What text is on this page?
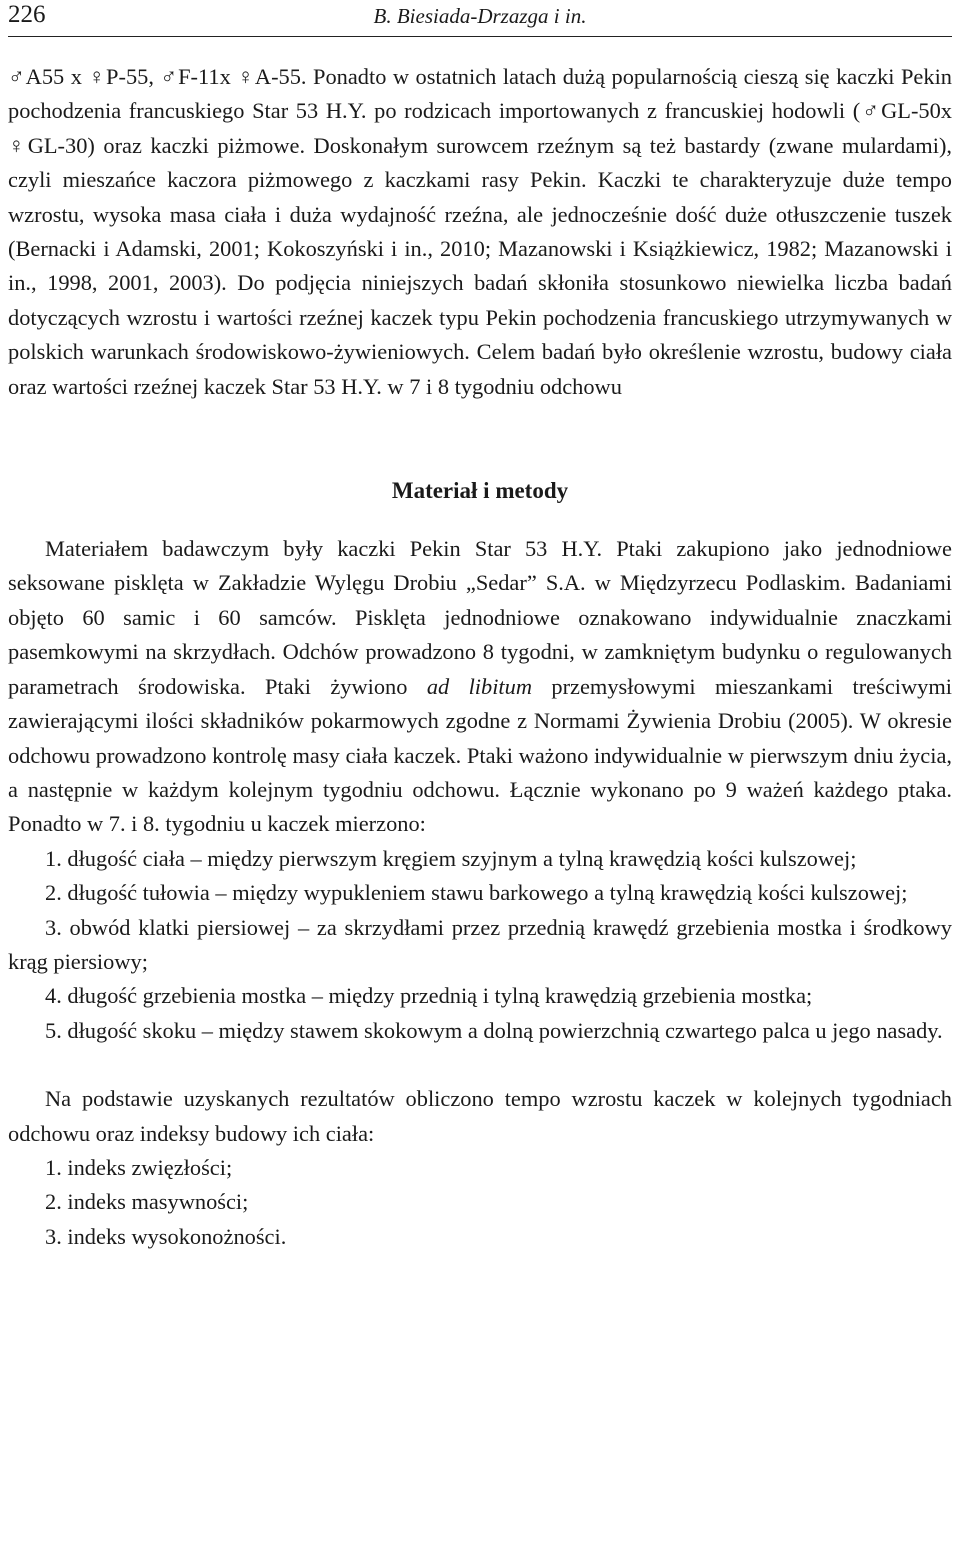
226	B. Biesiada-Drzazga i in.

♂A55 x ♀P-55, ♂F-11x ♀A-55. Ponadto w ostatnich latach dużą popularnością cieszą się kaczki Pekin pochodzenia francuskiego Star 53 H.Y. po rodzicach importowanych z francuskiej hodowli (♂GL-50x ♀GL-30) oraz kaczki piżmowe. Doskonałym surowcem rzeźnym są też bastardy (zwane mulardami), czyli mieszańce kaczora piżmowego z kaczkami rasy Pekin. Kaczki te charakteryzuje duże tempo wzrostu, wysoka masa ciała i duża wydajność rzeźna, ale jednocześnie dość duże otłuszczenie tuszek (Bernacki i Adamski, 2001; Kokoszyński i in., 2010; Mazanowski i Książkiewicz, 1982; Mazanowski i in., 1998, 2001, 2003). Do podjęcia niniejszych badań skłoniła stosunkowo niewielka liczba badań dotyczących wzrostu i wartości rzeźnej kaczek typu Pekin pochodzenia francuskiego utrzymywanych w polskich warunkach środowiskowo-żywieniowych. Celem badań było określenie wzrostu, budowy ciała oraz wartości rzeźnej kaczek Star 53 H.Y. w 7 i 8 tygodniu odchowu

Materiał i metody

Materiałem badawczym były kaczki Pekin Star 53 H.Y. Ptaki zakupiono jako jednodniowe seksowane pisklęta w Zakładzie Wylęgu Drobiu „Sedar” S.A. w Międzyrzecu Podlaskim. Badaniami objęto 60 samic i 60 samców. Pisklęta jednodniowe oznakowano indywidualnie znaczkami pasemkowymi na skrzydłach. Odchów prowadzono 8 tygodni, w zamkniętym budynku o regulowanych parametrach środowiska. Ptaki żywiono ad libitum przemysłowymi mieszankami treściwymi zawierającymi ilości składników pokarmowych zgodne z Normami Żywienia Drobiu (2005). W okresie odchowu prowadzono kontrolę masy ciała kaczek. Ptaki ważono indywidualnie w pierwszym dniu życia, a następnie w każdym kolejnym tygodniu odchowu. Łącznie wykonano po 9 ważeń każdego ptaka. Ponadto w 7. i 8. tygodniu u kaczek mierzono:

1. długość ciała – między pierwszym kręgiem szyjnym a tylną krawędzią kości kulszowej;
2. długość tułowia – między wypukleniem stawu barkowego a tylną krawędzią kości kulszowej;
3. obwód klatki piersiowej – za skrzydłami przez przednią krawędź grzebienia mostka i środkowy krąg piersiowy;
4. długość grzebienia mostka – między przednią i tylną krawędzią grzebienia mostka;
5. długość skoku – między stawem skokowym a dolną powierzchnią czwartego palca u jego nasady.

Na podstawie uzyskanych rezultatów obliczono tempo wzrostu kaczek w kolejnych tygodniach odchowu oraz indeksy budowy ich ciała:

1. indeks zwięzłości;
2. indeks masywności;
3. indeks wysokonożności.
